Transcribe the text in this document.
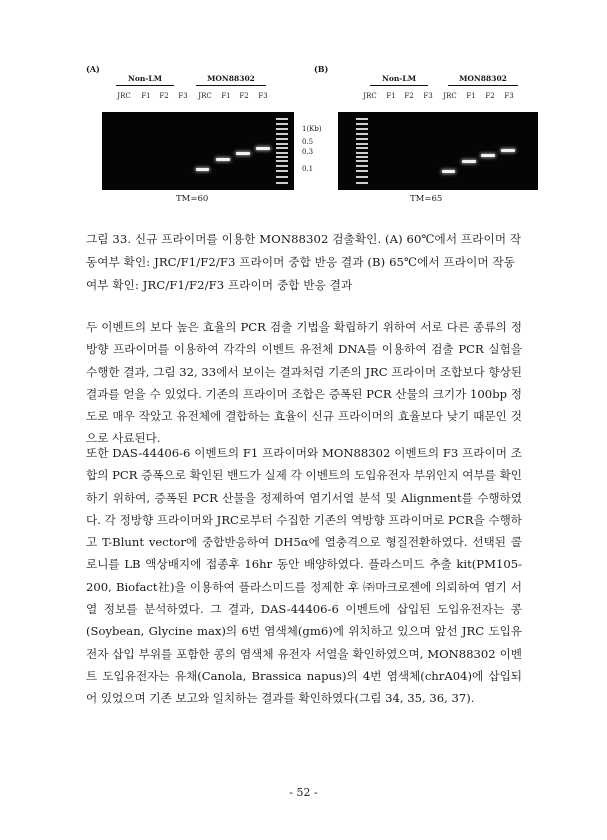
(A)
Non-LM	MON88302
JRC F1 F2 F3 JRC F1 F2 F3
TM=60
1(Kb)
0.5
0.3
0.1
(B)
Non-LM	MON88302
JRC F1 F2 F3 JRC F1 F2 F3
TM=65
그림 33. 신규 프라이머를 이용한 MON88302 검출확인. (A) 60℃에서 프라이머 작동여부 확인: JRC/F1/F2/F3 프라이머 중합 반응 결과 (B) 65℃에서 프라이머 작동여부 확인: JRC/F1/F2/F3 프라이머 중합 반응 결과

두 이벤트의 보다 높은 효율의 PCR 검출 기법을 확립하기 위하여 서로 다른 종류의 정방향 프라이머를 이용하여 각각의 이벤트 유전체 DNA를 이용하여 검출 PCR 실험을 수행한 결과, 그림 32, 33에서 보이는 결과처럼 기존의 JRC 프라이머 조합보다 향상된 결과를 얻을 수 있었다. 기존의 프라이머 조합은 증폭된 PCR 산물의 크기가 100bp 정도로 매우 작았고 유전체에 결합하는 효율이 신규 프라이머의 효율보다 낮기 때문인 것으로 사료된다.

또한 DAS-44406-6 이벤트의 F1 프라이머와 MON88302 이벤트의 F3 프라이머 조합의 PCR 증폭으로 확인된 밴드가 실제 각 이벤트의 도입유전자 부위인지 여부를 확인하기 위하여, 증폭된 PCR 산물을 정제하여 염기서열 분석 및 Alignment를 수행하였다. 각 정방향 프라이머와 JRC로부터 수집한 기존의 역방향 프라이머로 PCR을 수행하고 T-Blunt vector에 중합반응하여 DH5α에 열충격으로 형질전환하였다. 선택된 콜로니를 LB 액상배지에 접종후 16hr 동안 배양하였다. 플라스미드 추출 kit(PM105-200, Biofact社)을 이용하여 플라스미드를 정제한 후 ㈜마크로젠에 의뢰하여 염기 서열 정보를 분석하였다. 그 결과, DAS-44406-6 이벤트에 삽입된 도입유전자는 콩(Soybean, Glycine max)의 6번 염색체(gm6)에 위치하고 있으며 앞선 JRC 도입유전자 삽입 부위를 포함한 콩의 염색체 유전자 서열을 확인하였으며, MON88302 이벤트 도입유전자는 유채(Canola, Brassica napus)의 4번 염색체(chrA04)에 삽입되어 있었으며 기존 보고와 일치하는 결과를 확인하였다(그림 34, 35, 36, 37).

- 52 -
